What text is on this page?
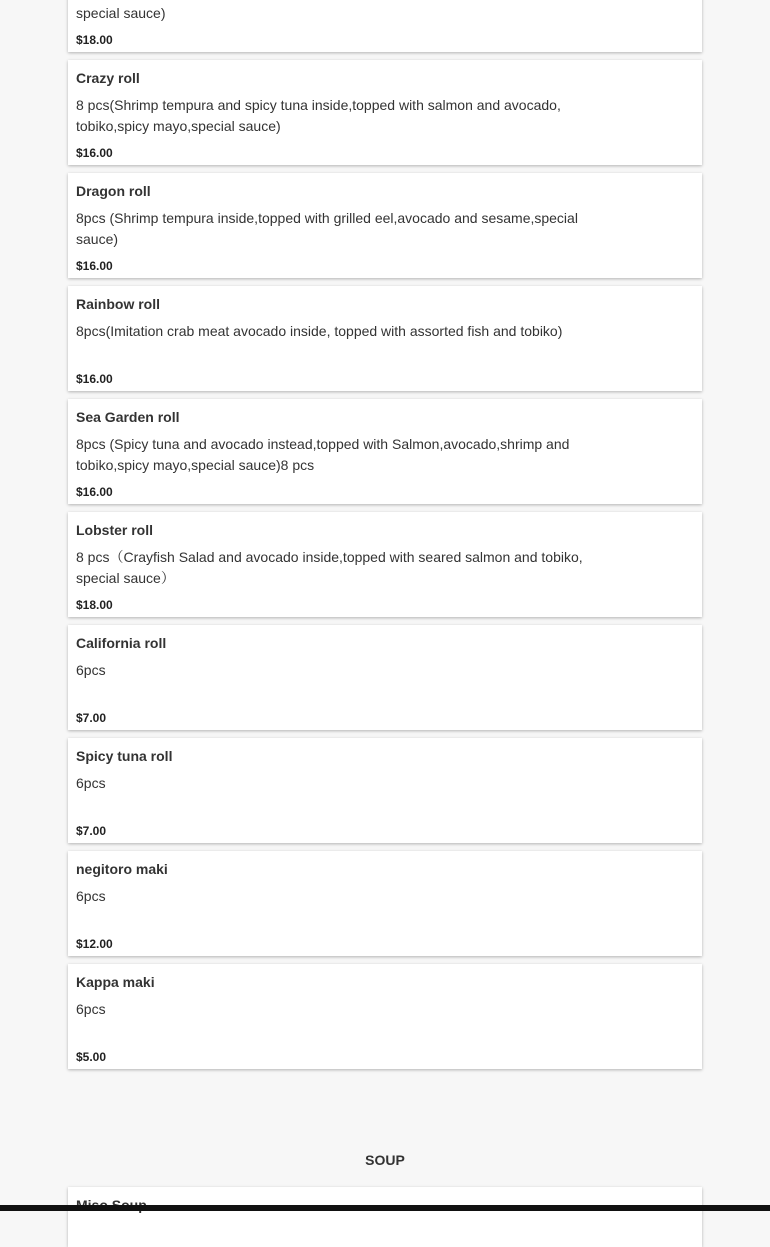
special sauce)
$18.00
Crazy roll
8 pcs(Shrimp tempura and spicy tuna inside,topped with salmon and avocado, tobiko,spicy mayo,special sauce)
$16.00
Dragon roll
8pcs (Shrimp tempura inside,topped with grilled eel,avocado and sesame,special sauce)
$16.00
Rainbow roll
8pcs(Imitation crab meat avocado inside, topped with assorted fish and tobiko)
$16.00
Sea Garden roll
8pcs (Spicy tuna and avocado instead,topped with Salmon,avocado,shrimp and tobiko,spicy mayo,special sauce)8 pcs
$16.00
Lobster roll
8 pcs（Crayfish Salad and avocado inside,topped with seared salmon and tobiko, special sauce）
$18.00
California roll
6pcs
$7.00
Spicy tuna roll
6pcs
$7.00
negitoro maki
6pcs
$12.00
Kappa maki
6pcs
$5.00
SOUP
